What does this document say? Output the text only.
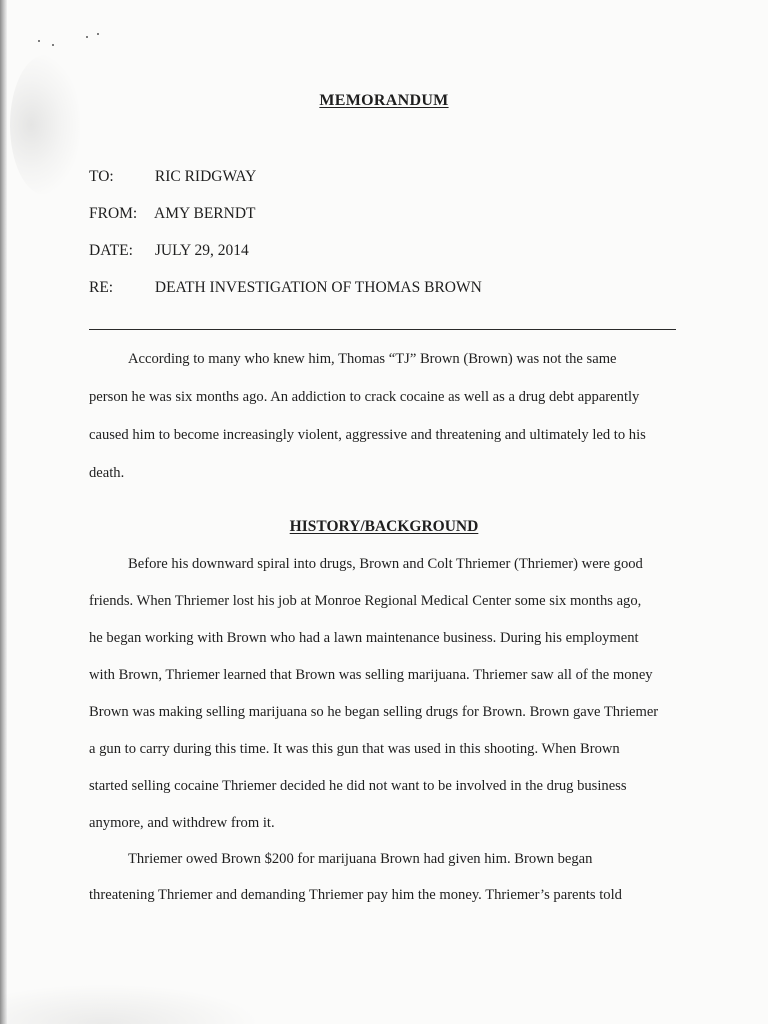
MEMORANDUM
TO:	RIC RIDGWAY
FROM: AMY BERNDT
DATE: JULY 29, 2014
RE:	DEATH INVESTIGATION OF THOMAS BROWN
According to many who knew him, Thomas “TJ” Brown (Brown) was not the same
person he was six months ago. An addiction to crack cocaine as well as a drug debt apparently
caused him to become increasingly violent, aggressive and threatening and ultimately led to his
death.
HISTORY/BACKGROUND
Before his downward spiral into drugs, Brown and Colt Thriemer (Thriemer) were good
friends. When Thriemer lost his job at Monroe Regional Medical Center some six months ago,
he began working with Brown who had a lawn maintenance business. During his employment
with Brown, Thriemer learned that Brown was selling marijuana. Thriemer saw all of the money
Brown was making selling marijuana so he began selling drugs for Brown. Brown gave Thriemer
a gun to carry during this time. It was this gun that was used in this shooting. When Brown
started selling cocaine Thriemer decided he did not want to be involved in the drug business
anymore, and withdrew from it.
Thriemer owed Brown $200 for marijuana Brown had given him. Brown began
threatening Thriemer and demanding Thriemer pay him the money. Thriemer’s parents told
